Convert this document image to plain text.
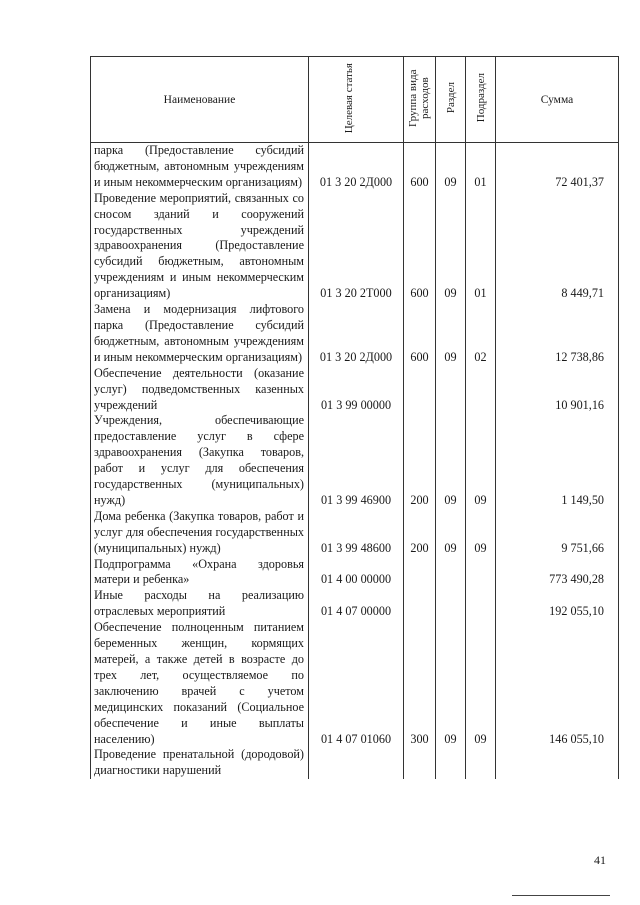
Наименование	Целевая статья	Группа вида расходов	Раздел	Подраздел	Сумма
парка (Предоставление субсидий бюджетным, автономным учреждениям и иным некоммерческим организациям)	01 3 20 2Д000	600	09	01	72 401,37
Проведение мероприятий, связанных со сносом зданий и сооружений государственных учреждений здравоохранения (Предоставление субсидий бюджетным, автономным учреждениям и иным некоммерческим организациям)	01 3 20 2Т000	600	09	01	8 449,71
Замена и модернизация лифтового парка (Предоставление субсидий бюджетным, автономным учреждениям и иным некоммерческим организациям)	01 3 20 2Д000	600	09	02	12 738,86
Обеспечение деятельности (оказание услуг) подведомственных казенных учреждений	01 3 99 00000				10 901,16
Учреждения, обеспечивающие предоставление услуг в сфере здравоохранения (Закупка товаров, работ и услуг для обеспечения государственных (муниципальных) нужд)	01 3 99 46900	200	09	09	1 149,50
Дома ребенка (Закупка товаров, работ и услуг для обеспечения государственных (муниципальных) нужд)	01 3 99 48600	200	09	09	9 751,66
Подпрограмма «Охрана здоровья матери и ребенка»	01 4 00 00000				773 490,28
Иные расходы на реализацию отраслевых мероприятий	01 4 07 00000				192 055,10
Обеспечение полноценным питанием беременных женщин, кормящих матерей, а также детей в возрасте до трех лет, осуществляемое по заключению врачей с учетом медицинских показаний (Социальное обеспечение и иные выплаты населению)	01 4 07 01060	300	09	09	146 055,10
Проведение пренатальной (дородовой) диагностики нарушений					
41
